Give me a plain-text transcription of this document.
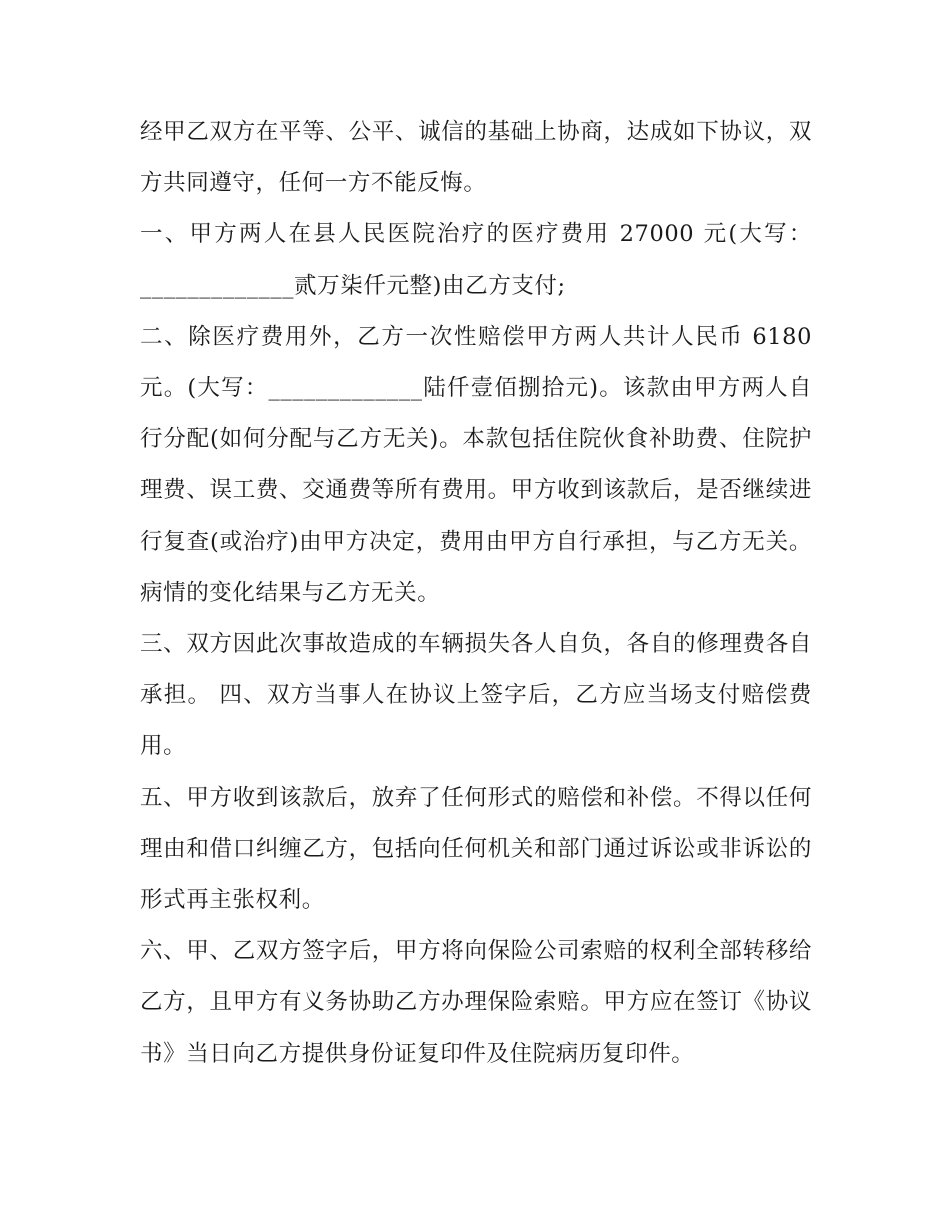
经甲乙双方在平等、公平、诚信的基础上协商，达成如下协议，双方共同遵守，任何一方不能反悔。

一、甲方两人在县人民医院治疗的医疗费用 27000 元(大写：_____________贰万柒仟元整)由乙方支付;

二、除医疗费用外，乙方一次性赔偿甲方两人共计人民币 6180 元。(大写：_____________陆仟壹佰捌拾元)。该款由甲方两人自行分配(如何分配与乙方无关)。本款包括住院伙食补助费、住院护理费、误工费、交通费等所有费用。甲方收到该款后，是否继续进行复查(或治疗)由甲方决定，费用由甲方自行承担，与乙方无关。病情的变化结果与乙方无关。

三、双方因此次事故造成的车辆损失各人自负，各自的修理费各自承担。 四、双方当事人在协议上签字后，乙方应当场支付赔偿费用。

五、甲方收到该款后，放弃了任何形式的赔偿和补偿。不得以任何理由和借口纠缠乙方，包括向任何机关和部门通过诉讼或非诉讼的形式再主张权利。

六、甲、乙双方签字后，甲方将向保险公司索赔的权利全部转移给乙方，且甲方有义务协助乙方办理保险索赔。甲方应在签订《协议书》当日向乙方提供身份证复印件及住院病历复印件。
